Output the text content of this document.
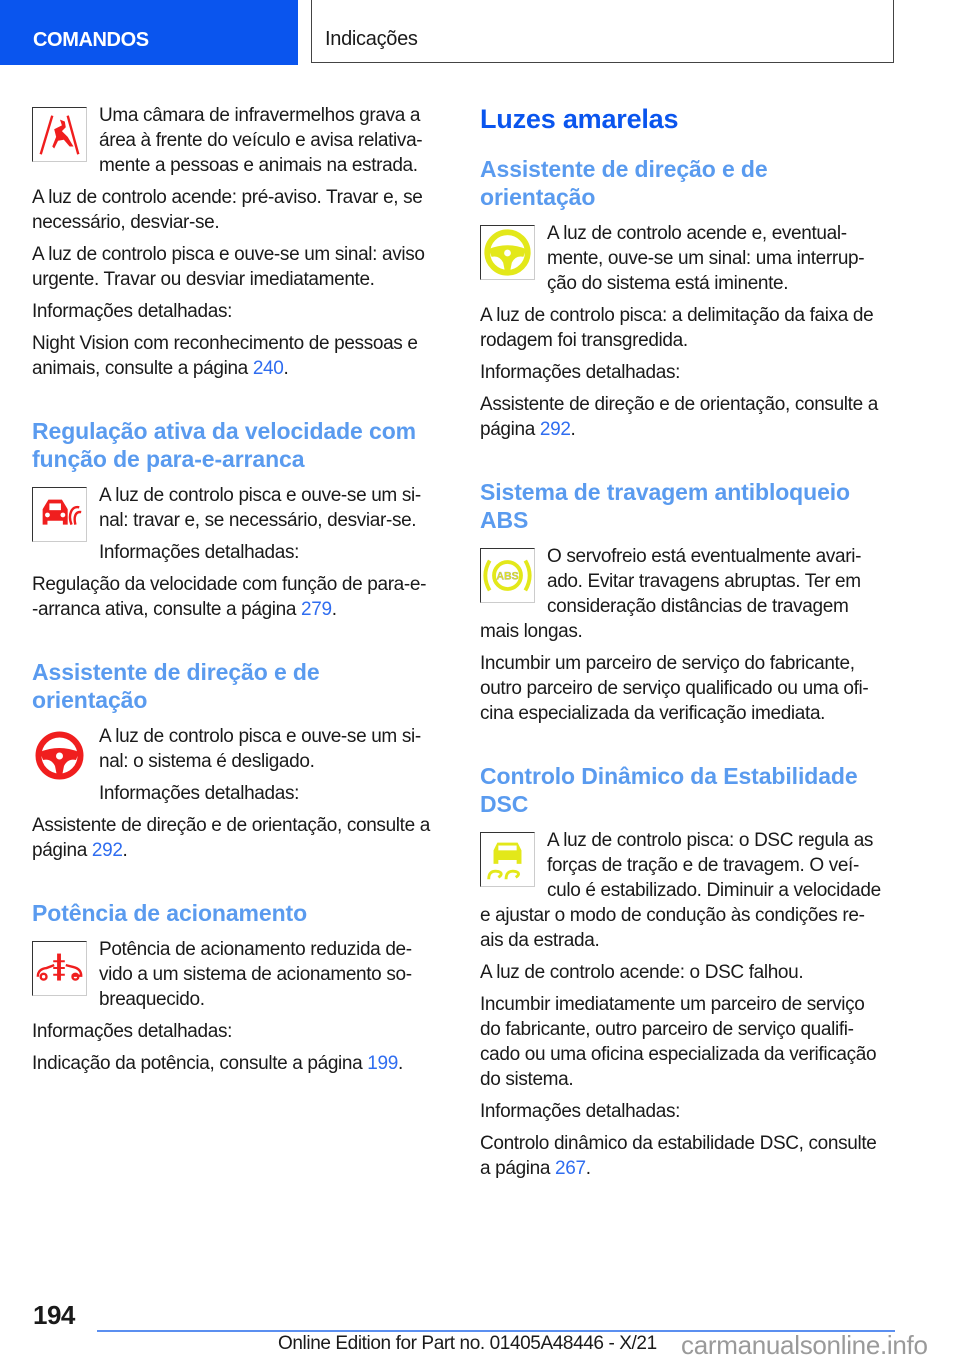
COMANDOS	Indicações
Uma câmara de infravermelhos grava a
área à frente do veículo e avisa relativa-
mente a pessoas e animais na estrada.
A luz de controlo acende: pré-aviso. Travar e, se
necessário, desviar-se.
A luz de controlo pisca e ouve-se um sinal: aviso
urgente. Travar ou desviar imediatamente.
Informações detalhadas:
Night Vision com reconhecimento de pessoas e
animais, consulte a página 240.
Regulação ativa da velocidade com
função de para-e-arranca
A luz de controlo pisca e ouve-se um si-
nal: travar e, se necessário, desviar-se.
Informações detalhadas:
Regulação da velocidade com função de para-e-
-arranca ativa, consulte a página 279.
Assistente de direção e de
orientação
A luz de controlo pisca e ouve-se um si-
nal: o sistema é desligado.
Informações detalhadas:
Assistente de direção e de orientação, consulte a
página 292.
Potência de acionamento
Potência de acionamento reduzida de-
vido a um sistema de acionamento so-
breaquecido.
Informações detalhadas:
Indicação da potência, consulte a página 199.
Luzes amarelas
Assistente de direção e de
orientação
A luz de controlo acende e, eventual-
mente, ouve-se um sinal: uma interrup-
ção do sistema está iminente.
A luz de controlo pisca: a delimitação da faixa de
rodagem foi transgredida.
Informações detalhadas:
Assistente de direção e de orientação, consulte a
página 292.
Sistema de travagem antibloqueio
ABS
ABS
O servofreio está eventualmente avari-
ado. Evitar travagens abruptas. Ter em
consideração distâncias de travagem
mais longas.
Incumbir um parceiro de serviço do fabricante,
outro parceiro de serviço qualificado ou uma ofi-
cina especializada da verificação imediata.
Controlo Dinâmico da Estabilidade
DSC
A luz de controlo pisca: o DSC regula as
forças de tração e de travagem. O veí-
culo é estabilizado. Diminuir a velocidade
e ajustar o modo de condução às condições re-
ais da estrada.
A luz de controlo acende: o DSC falhou.
Incumbir imediatamente um parceiro de serviço
do fabricante, outro parceiro de serviço qualifi-
cado ou uma oficina especializada da verificação
do sistema.
Informações detalhadas:
Controlo dinâmico da estabilidade DSC, consulte
a página 267.
194
Online Edition for Part no. 01405A48446 - X/21 carmanualsonline.info
